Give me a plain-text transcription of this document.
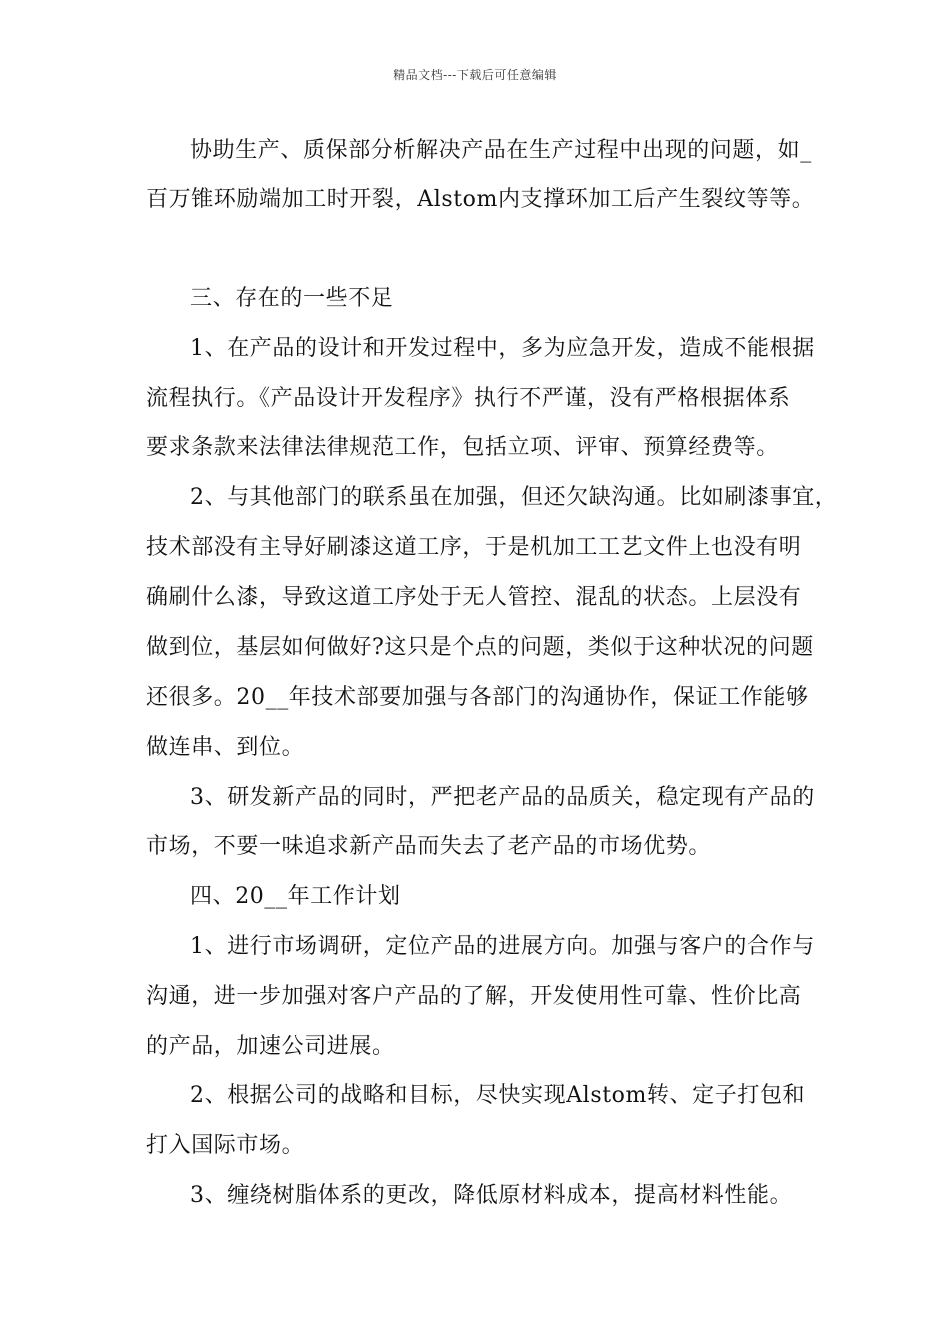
精品文档---下载后可任意编辑
协助生产、质保部分析解决产品在生产过程中出现的问题，如_
百万锥环励端加工时开裂，Alstom内支撑环加工后产生裂纹等等。
三、存在的一些不足
1、在产品的设计和开发过程中，多为应急开发，造成不能根据
流程执行。《产品设计开发程序》执行不严谨，没有严格根据体系
要求条款来法律法律规范工作，包括立项、评审、预算经费等。
2、与其他部门的联系虽在加强，但还欠缺沟通。比如刷漆事宜，
技术部没有主导好刷漆这道工序，于是机加工工艺文件上也没有明
确刷什么漆，导致这道工序处于无人管控、混乱的状态。上层没有
做到位，基层如何做好?这只是个点的问题，类似于这种状况的问题
还很多。20__年技术部要加强与各部门的沟通协作，保证工作能够
做连串、到位。
3、研发新产品的同时，严把老产品的品质关，稳定现有产品的
市场，不要一味追求新产品而失去了老产品的市场优势。
四、20__年工作计划
1、进行市场调研，定位产品的进展方向。加强与客户的合作与
沟通，进一步加强对客户产品的了解，开发使用性可靠、性价比高
的产品，加速公司进展。
2、根据公司的战略和目标，尽快实现Alstom转、定子打包和
打入国际市场。
3、缠绕树脂体系的更改，降低原材料成本，提高材料性能。
